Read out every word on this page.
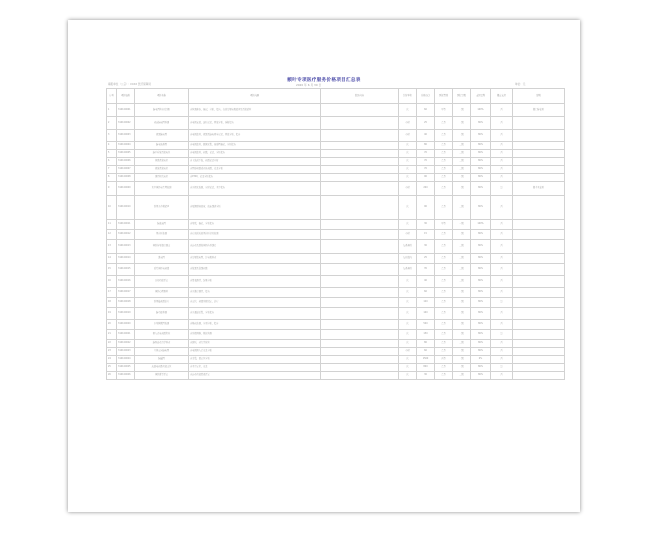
额叶专项医疗服务价格项目汇总表
填报单位（公章）：XXXX 医疗保障局	2020 年 6 月 30 日	单位：元
序号	项目编码	项目名称	项目内涵	除外内容	计价单位	价格(元)	医保类别	医院等级	支付比例	限定支付	说明
1	310100001	脑电图检查(常规)	含检测准备，描记，分析，报告。包括常规电极放置及诱发试验		次	60	甲类	三级	100%	否	限门诊使用
2	310100002	动态脑电图检测	含电极安放，连续记录，回放分析，诊断报告		小时	25	乙类	三级	80%	否	
3	310100003	视频脑电图	含电极放置，视频及脑电同步记录，回放分析，报告		小时	40	乙类	三级	80%	否	
4	310100004	脑电地形图	含电极放置，数据采集，地形图描记，分析报告		次	80	乙类	二级	80%	否	
5	310100005	脑干听觉诱发电位	含电极放置，刺激，记录，分析报告		次	70	乙类	二级	80%	否	
6	310100006	体感诱发电位	含上肢或下肢，刺激记录分析		次	70	乙类	二级	80%	否	
7	310100007	视觉诱发电位	含图形刺激或闪光刺激，记录分析		次	70	乙类	二级	80%	否	
8	310100008	事件相关电位	含P300，记录分析报告		次	90	乙类	三级	80%	否	
9	310100009	术中神经电生理监测	含多模式监测，实时记录，术中报告		小时	200	乙类	三级	80%	是	限手术使用
10	310100010	经颅多普勒超声	含双侧颞窗枕窗，血流频谱分析		次	90	乙类	二级	80%	否	
11	310100011	脑血流图	含导联，描记，分析报告		次	30	甲类	一级	100%	否	
12	310100012	颅内压监测	含有创或无创颅内压持续监测		小时	15	乙类	三级	80%	否	
13	310100013	神经传导速度测定	含运动及感觉神经传导速度		每条神经	30	乙类	二级	80%	否	
14	310100014	肌电图	含常规肌电图，针电极检查		每块肌肉	25	乙类	二级	80%	否	
15	310100015	重复神经电刺激	含低频及高频刺激		每条神经	35	乙类	二级	80%	否	
16	310100016	认知功能评定	含量表测评，结果分析		次	40	乙类	二级	80%	否	
17	310100017	神经心理测验	含多维度测评，报告		次	60	乙类	三级	80%	否	
18	310100018	经颅磁刺激治疗	含定位，刺激参数设定，治疗		次	120	乙类	三级	80%	是	
19	310100019	脑功能检测	含多通道采集，分析报告		次	100	乙类	三级	80%	否	
20	310100020	多导睡眠图监测	含整夜监测，分期分析，报告		次	500	乙类	三级	80%	否	
21	310100021	植入式电刺激程控	含参数调整，阻抗检测		次	150	乙类	三级	80%	是	
22	310100022	脑脊液动力学检查	含测压，动力学试验		次	80	乙类	二级	80%	否	
23	310100023	立体定向脑电图	含电极植入后记录分析		小时	60	乙类	三级	80%	否	
24	310100024	脑磁图	含采集，源定位分析		次	1500	丙类	三级	0%	否	
25	310100025	皮层电刺激功能定位	含术中定位，记录		次	800	乙类	三级	80%	是	
26	310100026	神经康复评定	含运动功能量表评定		次	30	乙类	二级	80%	否	
